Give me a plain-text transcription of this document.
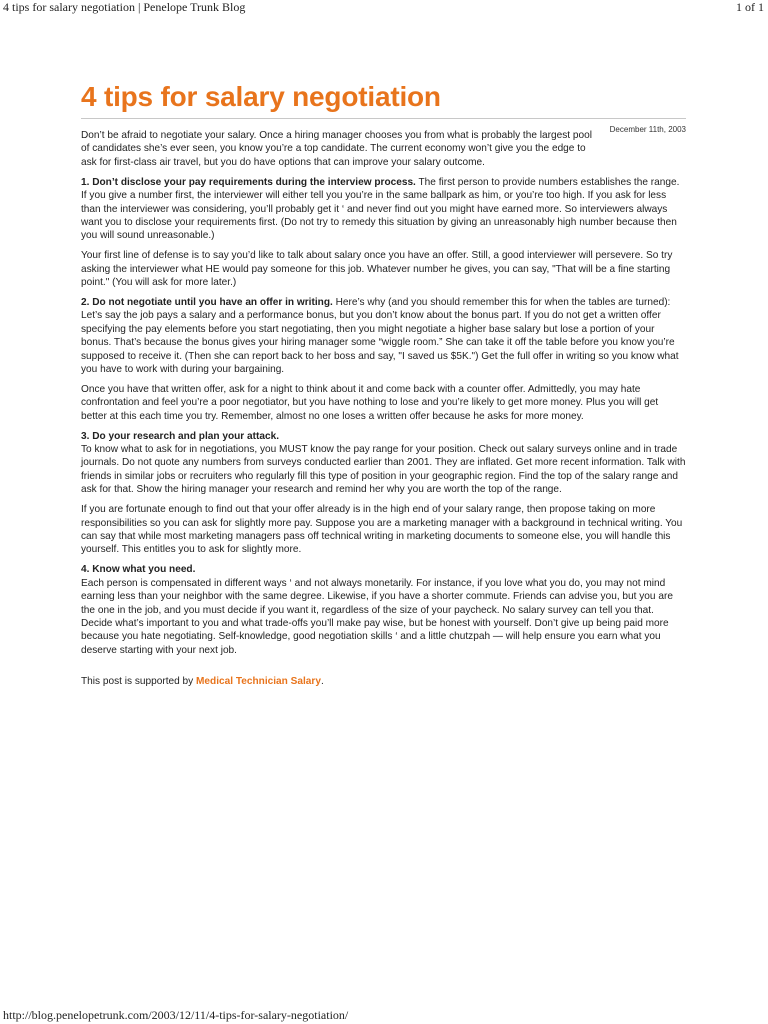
4 tips for salary negotiation | Penelope Trunk Blog	1 of 1
4 tips for salary negotiation
December 11th, 2003

Don’t be afraid to negotiate your salary. Once a hiring manager chooses you from what is probably the largest pool of candidates she’s ever seen, you know you’re a top candidate. The current economy won’t give you the edge to ask for first-class air travel, but you do have options that can improve your salary outcome.

1. Don’t disclose your pay requirements during the interview process. The first person to provide numbers establishes the range. If you give a number first, the interviewer will either tell you you’re in the same ballpark as him, or you’re too high. If you ask for less than the interviewer was considering, you’ll probably get it ‘ and never find out you might have earned more. So interviewers always want you to disclose your requirements first. (Do not try to remedy this situation by giving an unreasonably high number because then you will sound unreasonable.)

Your first line of defense is to say you’d like to talk about salary once you have an offer. Still, a good interviewer will persevere. So try asking the interviewer what HE would pay someone for this job. Whatever number he gives, you can say, "That will be a fine starting point." (You will ask for more later.)

2. Do not negotiate until you have an offer in writing. Here’s why (and you should remember this for when the tables are turned): Let’s say the job pays a salary and a performance bonus, but you don’t know about the bonus part. If you do not get a written offer specifying the pay elements before you start negotiating, then you might negotiate a higher base salary but lose a portion of your bonus. That’s because the bonus gives your hiring manager some “wiggle room.” She can take it off the table before you know you’re supposed to receive it. (Then she can report back to her boss and say, "I saved us $5K.") Get the full offer in writing so you know what you have to work with during your bargaining.

Once you have that written offer, ask for a night to think about it and come back with a counter offer. Admittedly, you may hate confrontation and feel you’re a poor negotiator, but you have nothing to lose and you’re likely to get more money. Plus you will get better at this each time you try. Remember, almost no one loses a written offer because he asks for more money.

3. Do your research and plan your attack.
To know what to ask for in negotiations, you MUST know the pay range for your position. Check out salary surveys online and in trade journals. Do not quote any numbers from surveys conducted earlier than 2001. They are inflated. Get more recent information. Talk with friends in similar jobs or recruiters who regularly fill this type of position in your geographic region. Find the top of the salary range and ask for that. Show the hiring manager your research and remind her why you are worth the top of the range.

If you are fortunate enough to find out that your offer already is in the high end of your salary range, then propose taking on more responsibilities so you can ask for slightly more pay. Suppose you are a marketing manager with a background in technical writing. You can say that while most marketing managers pass off technical writing in marketing documents to someone else, you will handle this yourself. This entitles you to ask for slightly more.

4. Know what you need.
Each person is compensated in different ways ‘ and not always monetarily. For instance, if you love what you do, you may not mind earning less than your neighbor with the same degree. Likewise, if you have a shorter commute. Friends can advise you, but you are the one in the job, and you must decide if you want it, regardless of the size of your paycheck. No salary survey can tell you that. Decide what’s important to you and what trade-offs you’ll make pay wise, but be honest with yourself. Don’t give up being paid more because you hate negotiating. Self-knowledge, good negotiation skills ‘ and a little chutzpah — will help ensure you earn what you deserve starting with your next job.

This post is supported by Medical Technician Salary.

http://blog.penelopetrunk.com/2003/12/11/4-tips-for-salary-negotiation/
